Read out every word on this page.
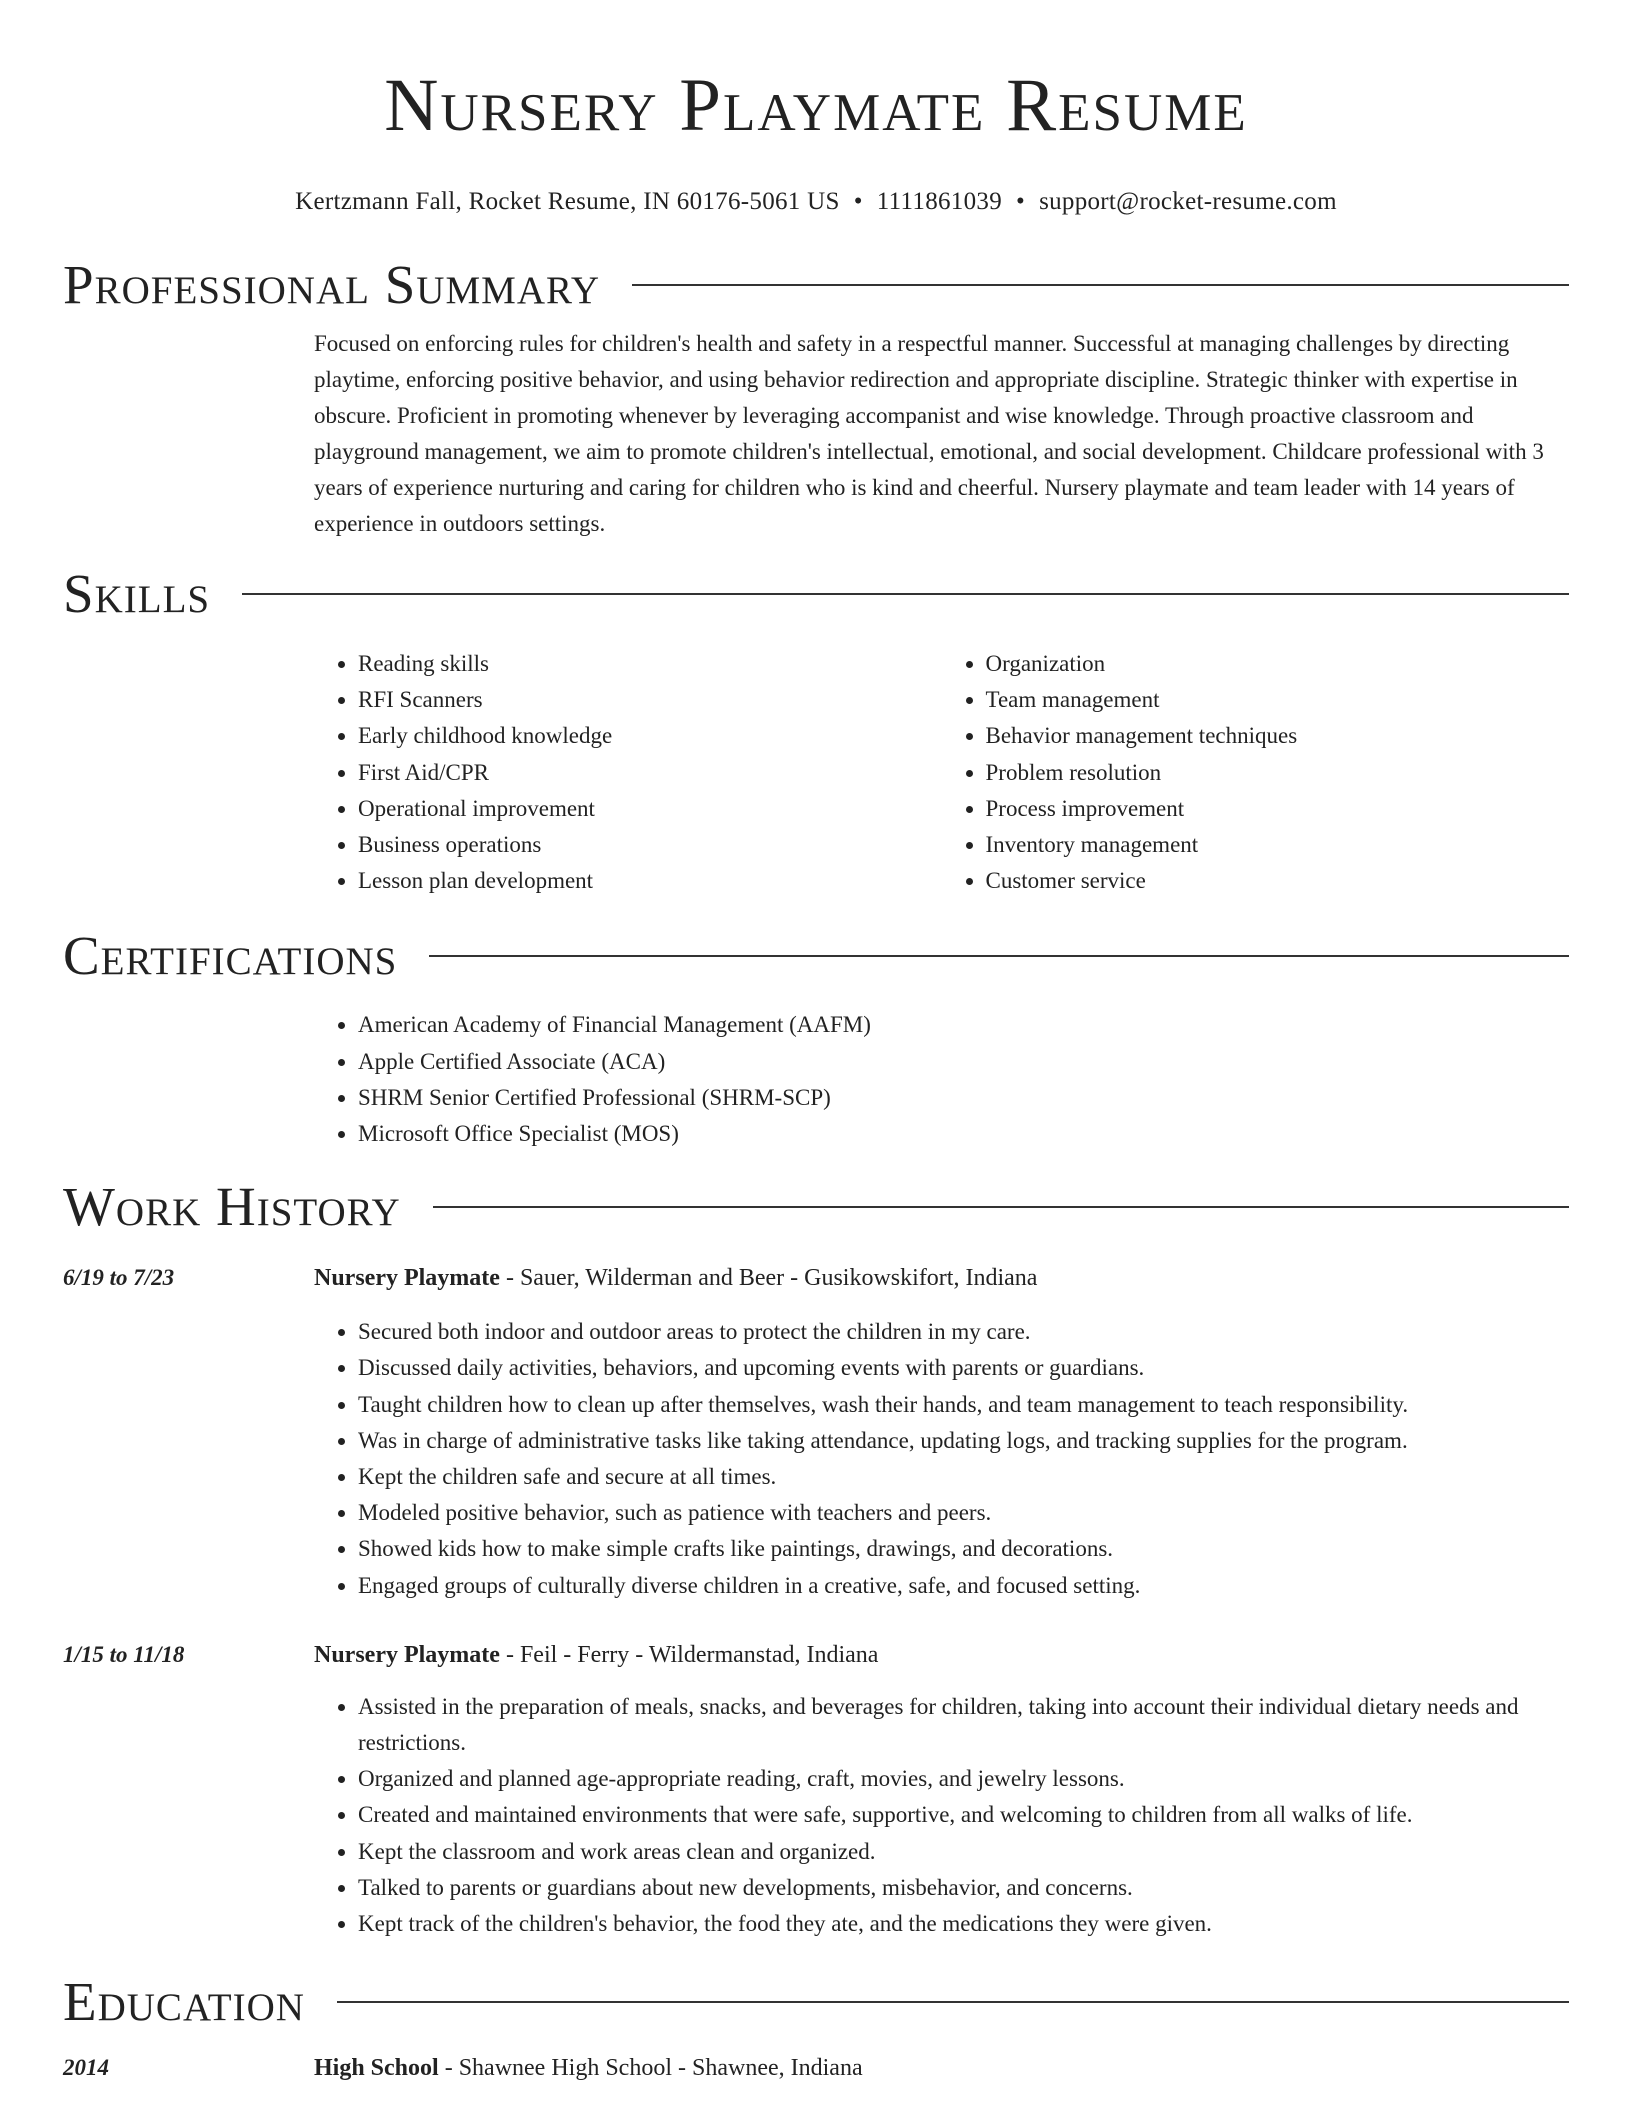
Nursery Playmate Resume
Kertzmann Fall, Rocket Resume, IN 60176-5061 US • 1111861039 • support@rocket-resume.com
Professional Summary
Focused on enforcing rules for children's health and safety in a respectful manner. Successful at managing challenges by directing playtime, enforcing positive behavior, and using behavior redirection and appropriate discipline. Strategic thinker with expertise in obscure. Proficient in promoting whenever by leveraging accompanist and wise knowledge. Through proactive classroom and playground management, we aim to promote children's intellectual, emotional, and social development. Childcare professional with 3 years of experience nurturing and caring for children who is kind and cheerful. Nursery playmate and team leader with 14 years of experience in outdoors settings.
Skills
• Reading skills
• RFI Scanners
• Early childhood knowledge
• First Aid/CPR
• Operational improvement
• Business operations
• Lesson plan development
• Organization
• Team management
• Behavior management techniques
• Problem resolution
• Process improvement
• Inventory management
• Customer service
Certifications
• American Academy of Financial Management (AAFM)
• Apple Certified Associate (ACA)
• SHRM Senior Certified Professional (SHRM-SCP)
• Microsoft Office Specialist (MOS)
Work History
6/19 to 7/23	Nursery Playmate - Sauer, Wilderman and Beer - Gusikowskifort, Indiana
• Secured both indoor and outdoor areas to protect the children in my care.
• Discussed daily activities, behaviors, and upcoming events with parents or guardians.
• Taught children how to clean up after themselves, wash their hands, and team management to teach responsibility.
• Was in charge of administrative tasks like taking attendance, updating logs, and tracking supplies for the program.
• Kept the children safe and secure at all times.
• Modeled positive behavior, such as patience with teachers and peers.
• Showed kids how to make simple crafts like paintings, drawings, and decorations.
• Engaged groups of culturally diverse children in a creative, safe, and focused setting.
1/15 to 11/18	Nursery Playmate - Feil - Ferry - Wildermanstad, Indiana
• Assisted in the preparation of meals, snacks, and beverages for children, taking into account their individual dietary needs and restrictions.
• Organized and planned age-appropriate reading, craft, movies, and jewelry lessons.
• Created and maintained environments that were safe, supportive, and welcoming to children from all walks of life.
• Kept the classroom and work areas clean and organized.
• Talked to parents or guardians about new developments, misbehavior, and concerns.
• Kept track of the children's behavior, the food they ate, and the medications they were given.
Education
2014	High School - Shawnee High School - Shawnee, Indiana
